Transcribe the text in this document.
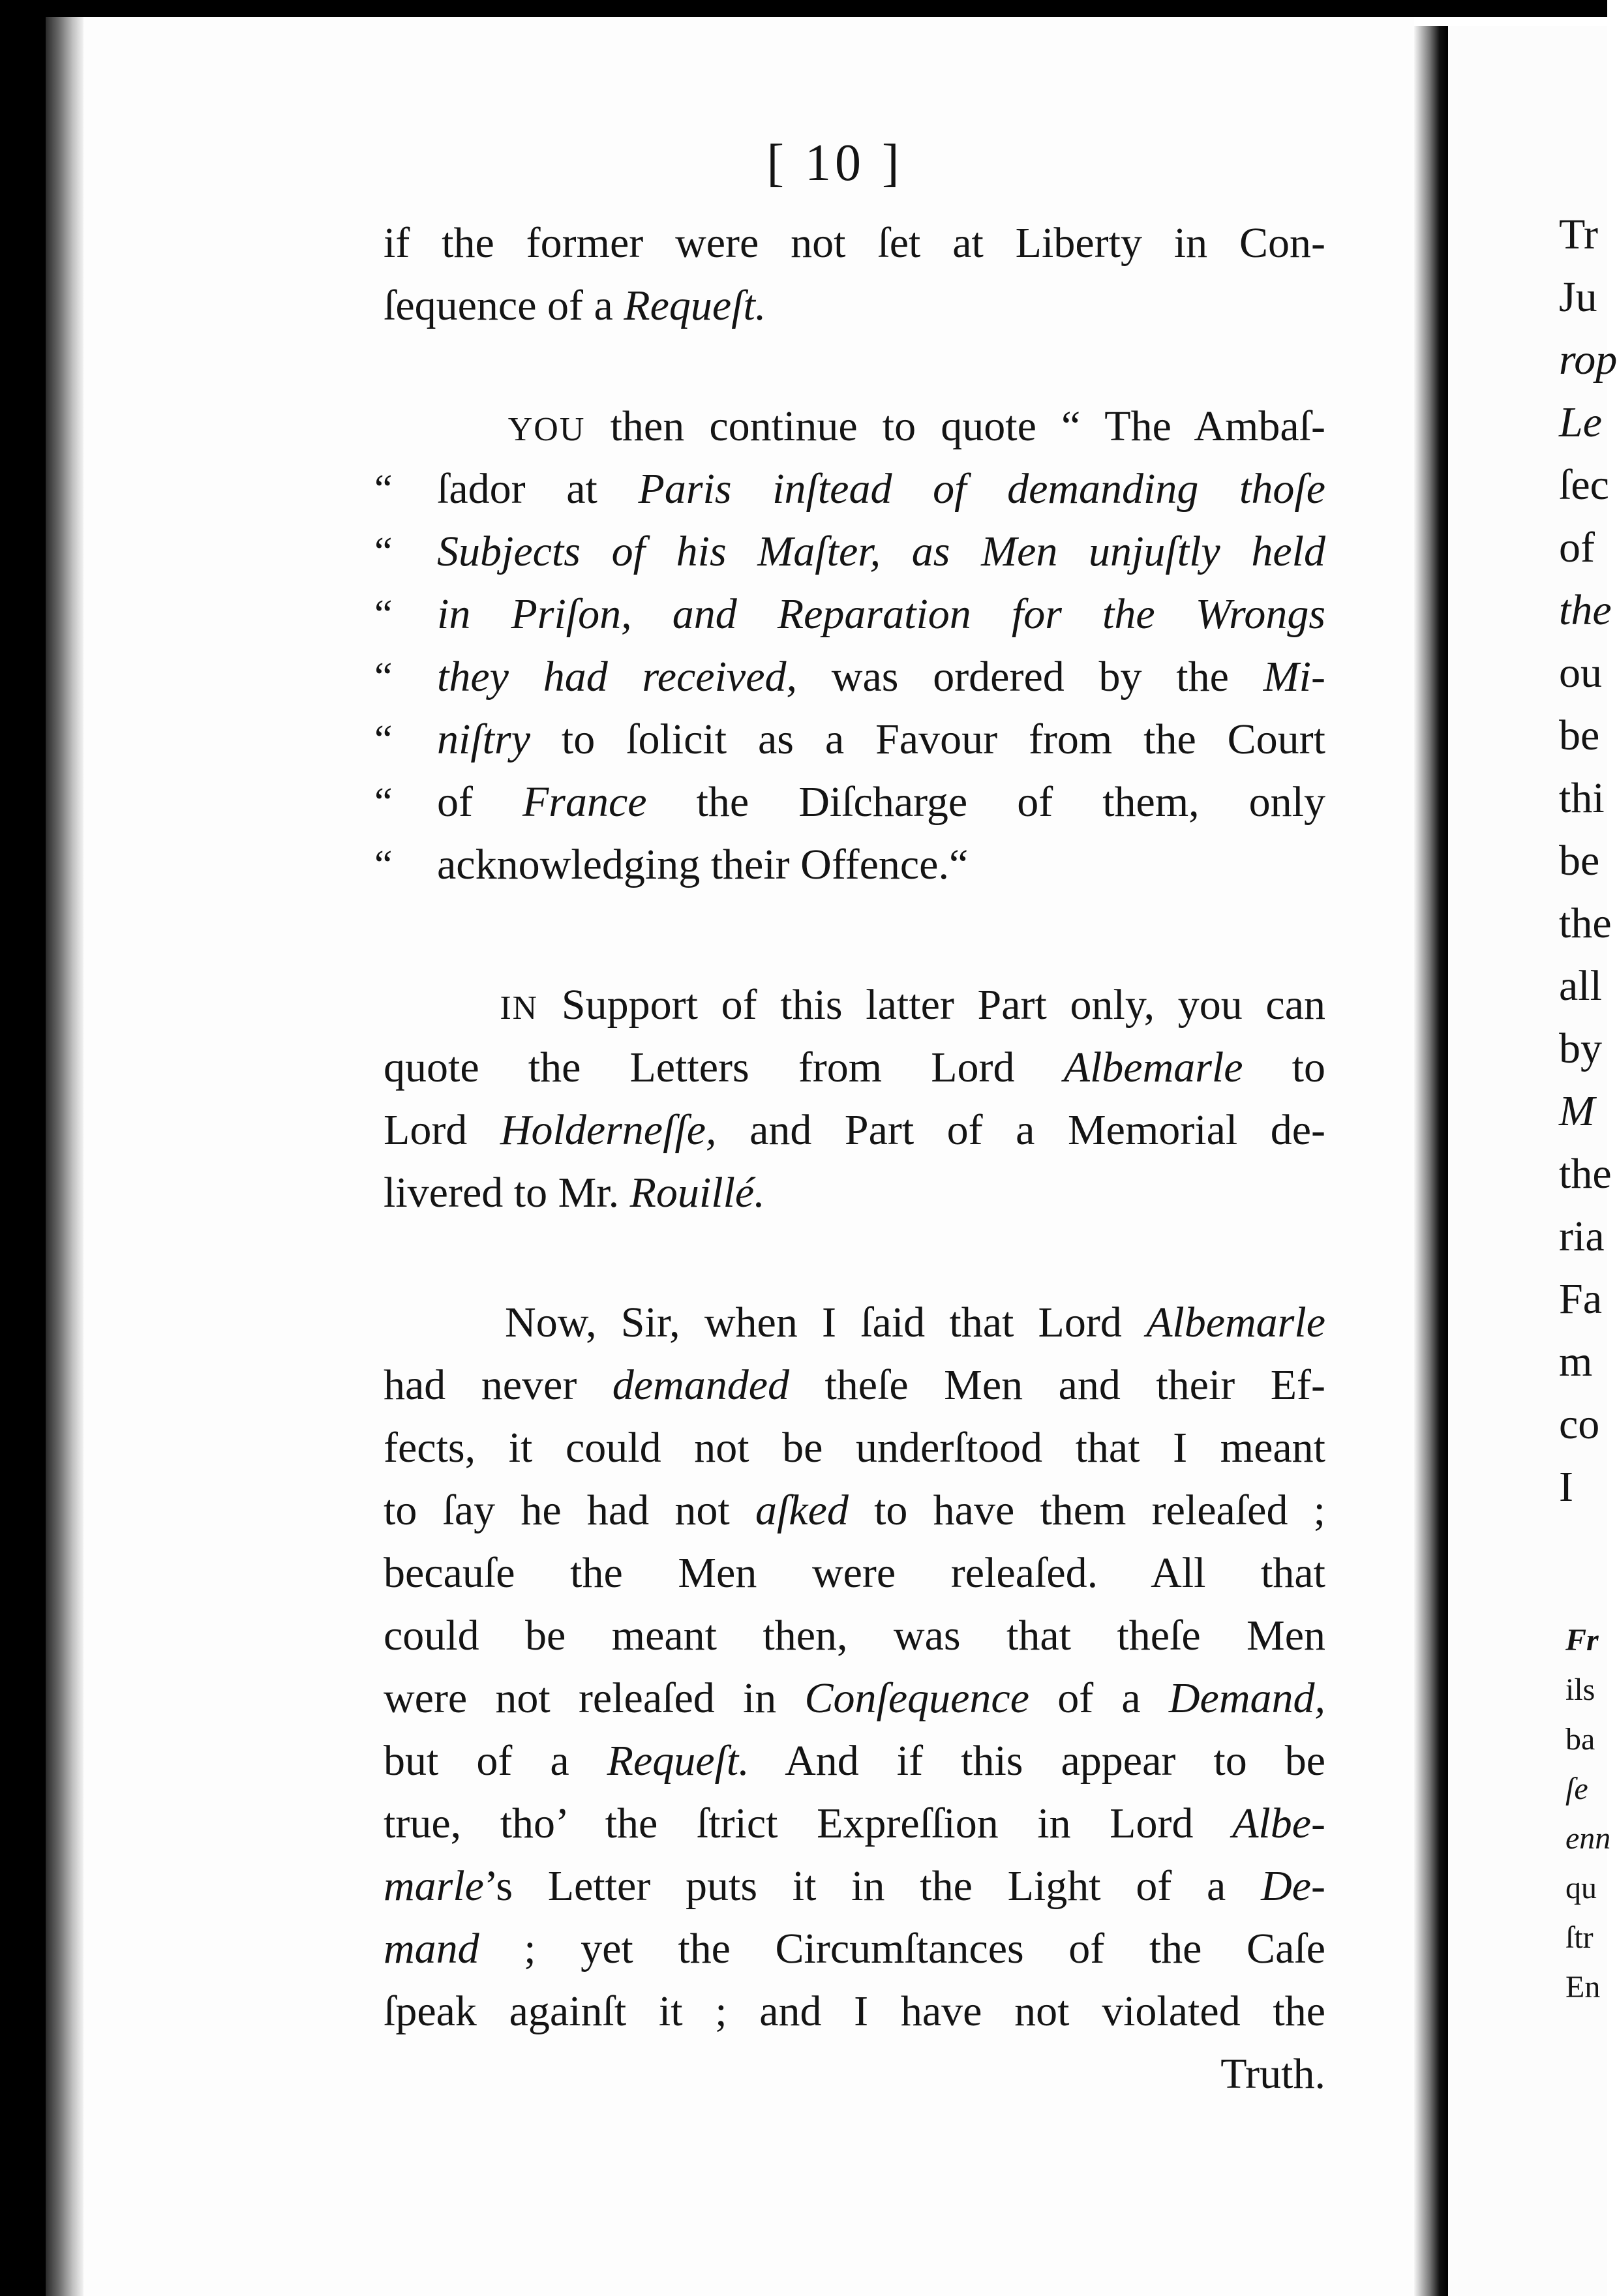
[ 10 ]
if the former were not ſet at Liberty in Con-
ſequence of a Requeſt.
YOU then continue to quote “ The Ambaſ-
“ ſador at Paris inſtead of demanding thoſe
“ Subjects of his Maſter, as Men unjuſtly held
“ in Priſon, and Reparation for the Wrongs
“ they had received, was ordered by the Mi-
“ niſtry to ſolicit as a Favour from the Court
“ of France the Diſcharge of them, only
“ acknowledging their Offence.“
IN Support of this latter Part only, you can
quote the Letters from Lord Albemarle to
Lord Holderneſſe, and Part of a Memorial de-
livered to Mr. Rouillé.
Now, Sir, when I ſaid that Lord Albemarle
had never demanded theſe Men and their Ef-
fects, it could not be underſtood that I meant
to ſay he had not aſked to have them releaſed ;
becauſe the Men were releaſed. All that
could be meant then, was that theſe Men
were not releaſed in Conſequence of a Demand,
but of a Requeſt. And if this appear to be
true, tho’ the ſtrict Expreſſion in Lord Albe-
marle’s Letter puts it in the Light of a De-
mand ; yet the Circumſtances of the Caſe
ſpeak againſt it ; and I have not violated the
Truth.
Tr
Ju
rop
Le
ſec
of
the
ou
be
thi
be
the
all
by
M
the
ria
Fa
m
co
I
Fr
ils
ba
ſe
enn
qu
ſtr
En
